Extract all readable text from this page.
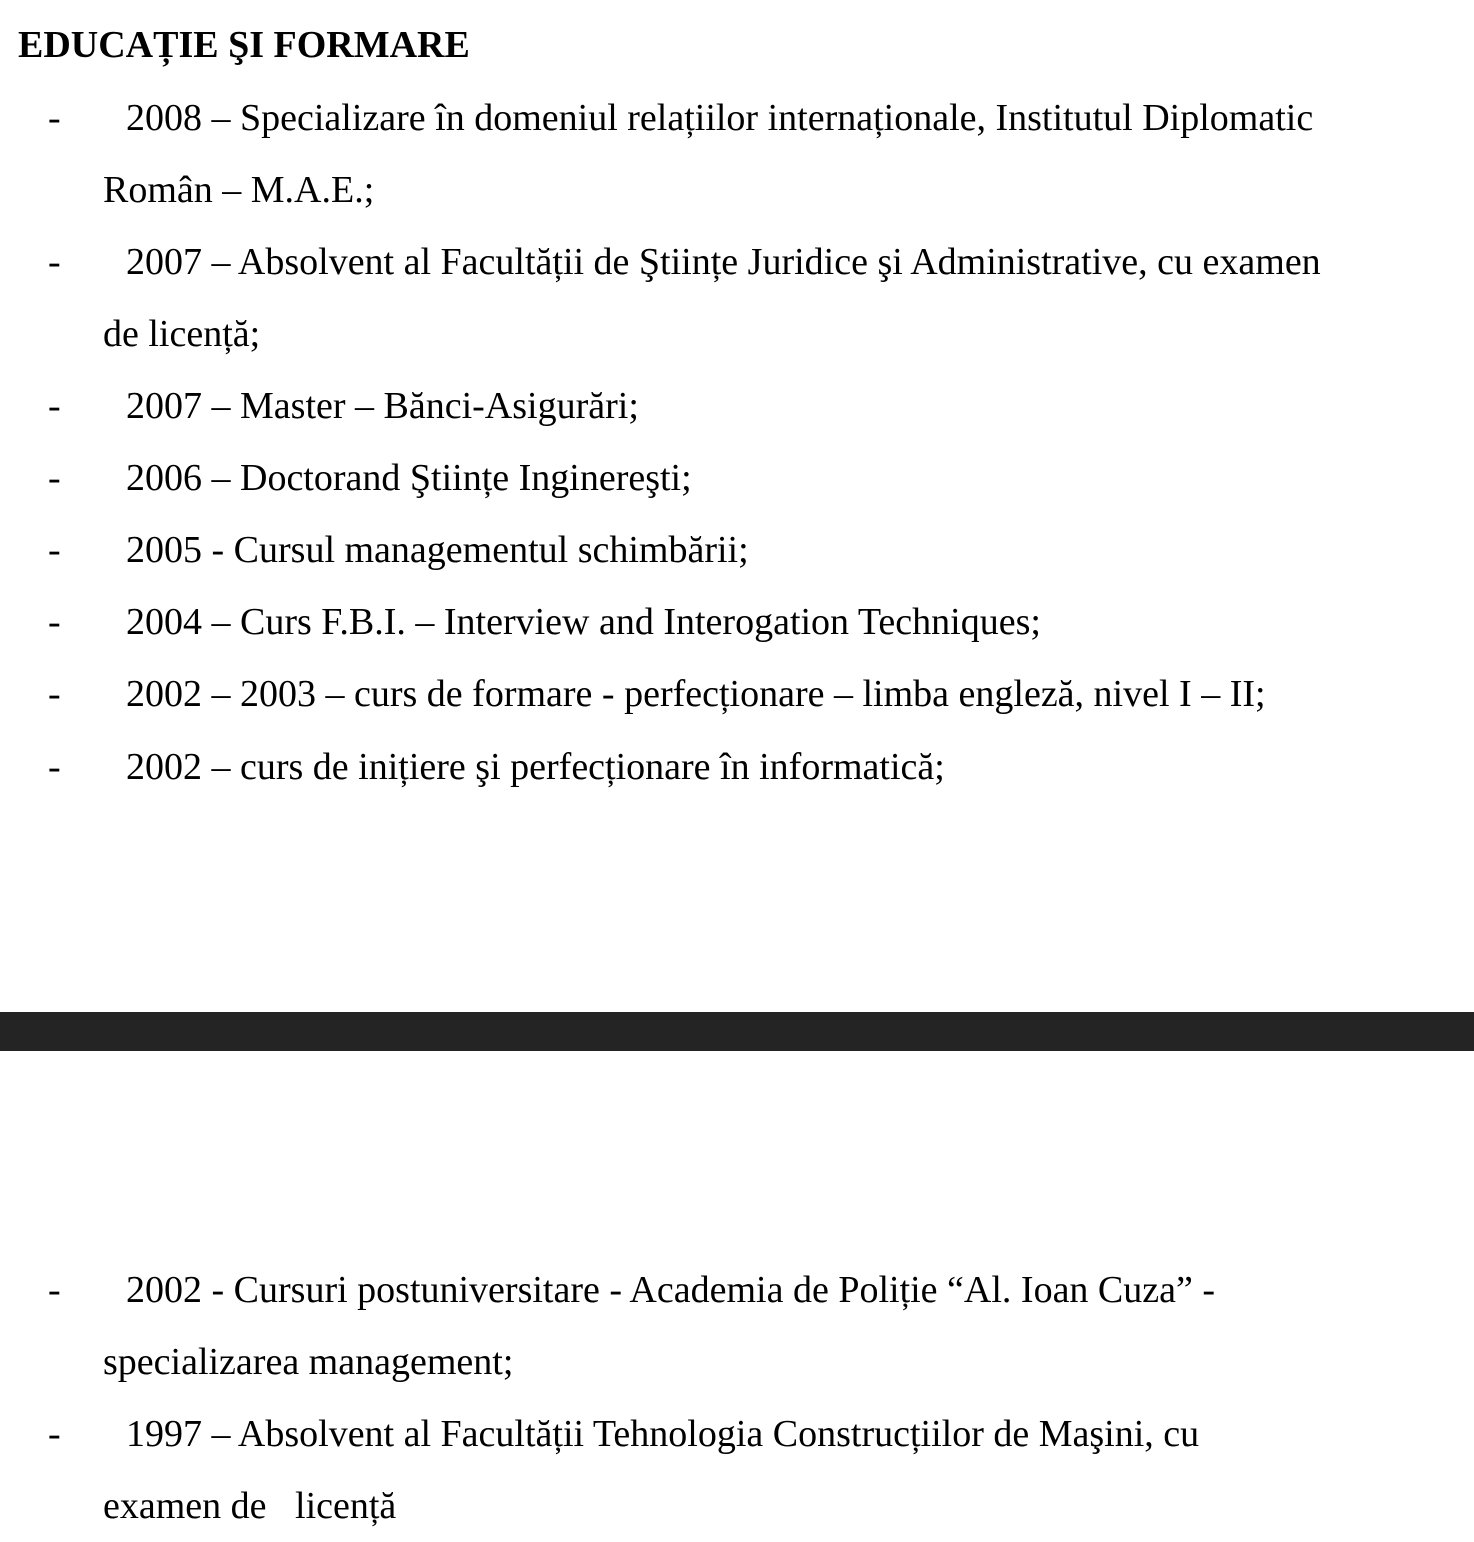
EDUCAȚIE ŞI FORMARE
- 2008 – Specializare în domeniul relațiilor internaționale, Institutul Diplomatic
Român – M.A.E.;
- 2007 – Absolvent al Facultății de Ştiințe Juridice şi Administrative, cu examen
de licență;
- 2007 – Master – Bănci-Asigurări;
- 2006 – Doctorand Ştiințe Inginereşti;
- 2005 - Cursul managementul schimbării;
- 2004 – Curs F.B.I. – Interview and Interogation Techniques;
- 2002 – 2003 – curs de formare - perfecționare – limba engleză, nivel I – II;
- 2002 – curs de inițiere şi perfecționare în informatică;
- 2002 - Cursuri postuniversitare - Academia de Poliție “Al. Ioan Cuza” -
specializarea management;
- 1997 – Absolvent al Facultății Tehnologia Construcțiilor de Maşini, cu
examen de   licență
